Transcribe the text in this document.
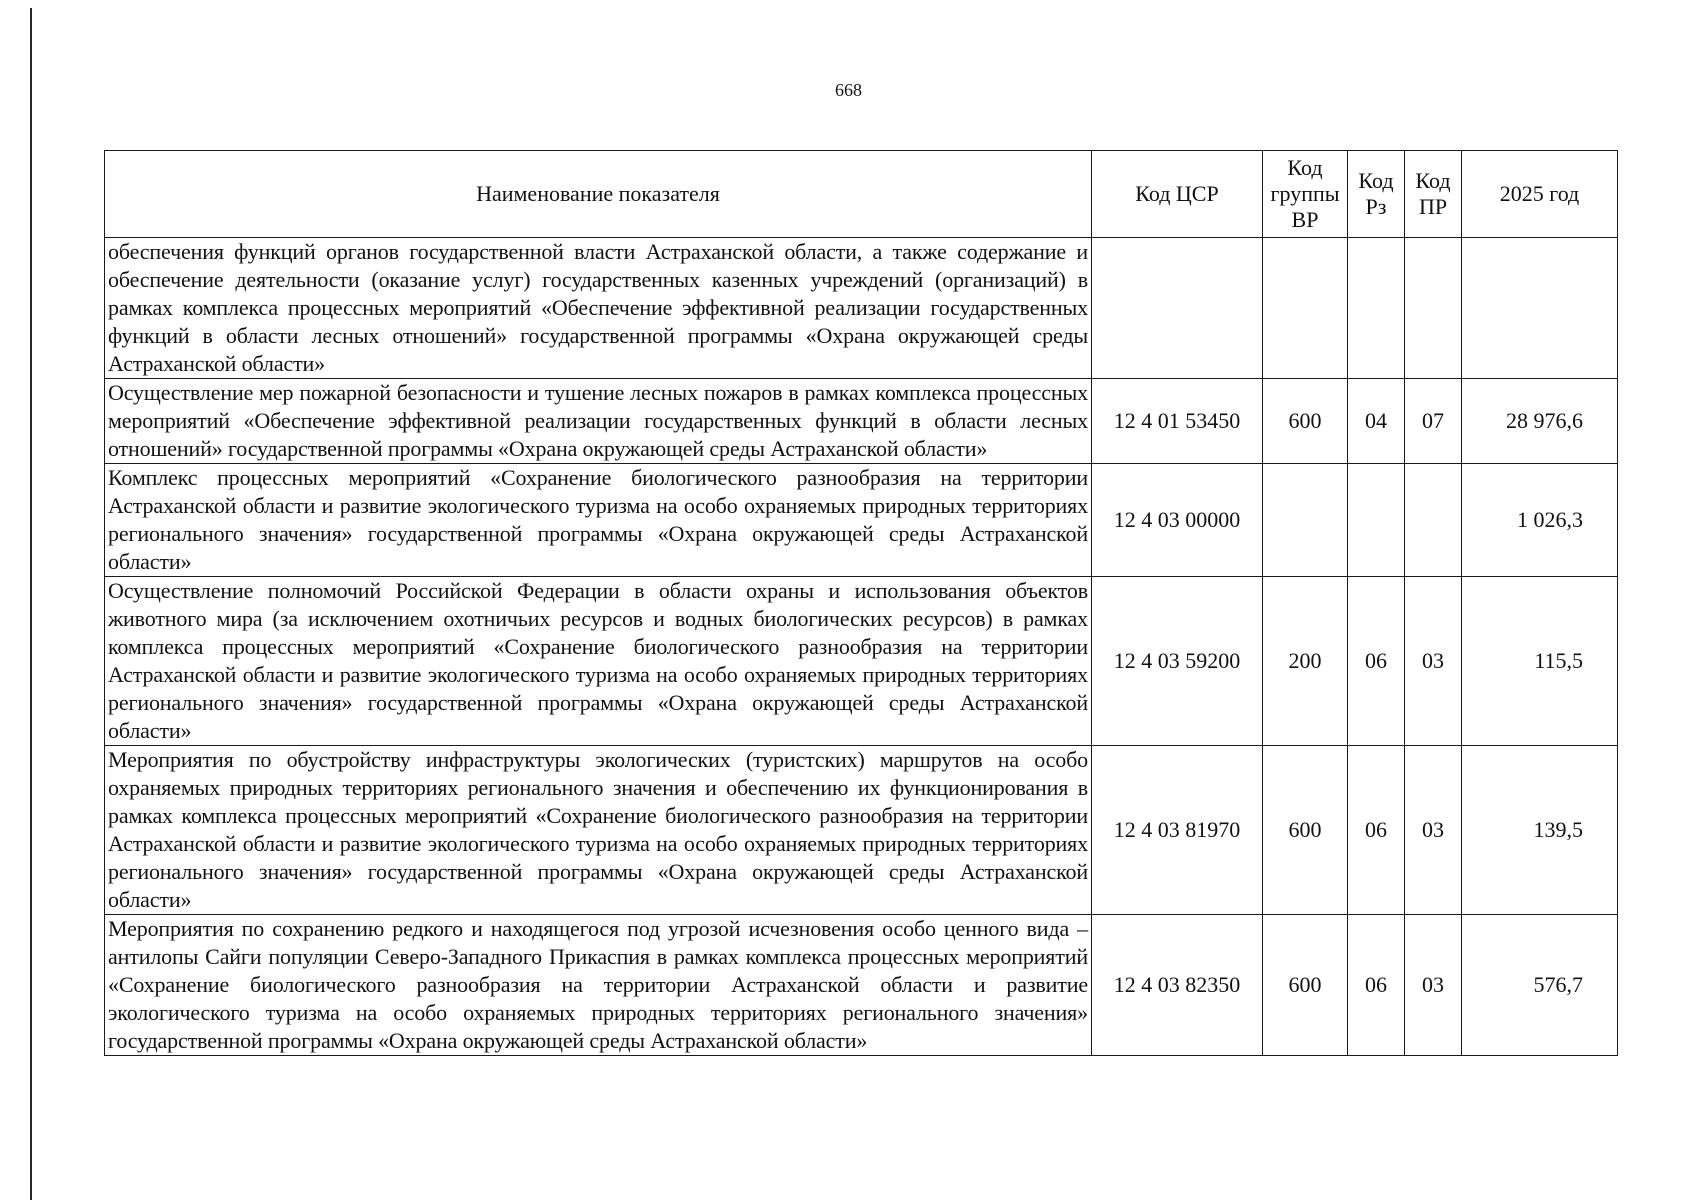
668
Наименование показателя	Код ЦСР	Код группы ВР	Код Рз	Код ПР	2025 год
обеспечения функций органов государственной власти Астраханской области, а также содержание и обеспечение деятельности (оказание услуг) государственных казенных учреждений (организаций) в рамках комплекса процессных мероприятий «Обеспечение эффективной реализации государственных функций в области лесных отношений» государственной программы «Охрана окружающей среды Астраханской области»					
Осуществление мер пожарной безопасности и тушение лесных пожаров в рамках комплекса процессных мероприятий «Обеспечение эффективной реализации государственных функций в области лесных отношений» государственной программы «Охрана окружающей среды Астраханской области»	12 4 01 53450	600	04	07	28 976,6
Комплекс процессных мероприятий «Сохранение биологического разнообразия на территории Астраханской области и развитие экологического туризма на особо охраняемых природных территориях регионального значения» государственной программы «Охрана окружающей среды Астраханской области»	12 4 03 00000				1 026,3
Осуществление полномочий Российской Федерации в области охраны и использования объектов животного мира (за исключением охотничьих ресурсов и водных биологических ресурсов) в рамках комплекса процессных мероприятий «Сохранение биологического разнообразия на территории Астраханской области и развитие экологического туризма на особо охраняемых природных территориях регионального значения» государственной программы «Охрана окружающей среды Астраханской области»	12 4 03 59200	200	06	03	115,5
Мероприятия по обустройству инфраструктуры экологических (туристских) маршрутов на особо охраняемых природных территориях регионального значения и обеспечению их функционирования в рамках комплекса процессных мероприятий «Сохранение биологического разнообразия на территории Астраханской области и развитие экологического туризма на особо охраняемых природных территориях регионального значения» государственной программы «Охрана окружающей среды Астраханской области»	12 4 03 81970	600	06	03	139,5
Мероприятия по сохранению редкого и находящегося под угрозой исчезновения особо ценного вида – антилопы Сайги популяции Северо-Западного Прикаспия в рамках комплекса процессных мероприятий «Сохранение биологического разнообразия на территории Астраханской области и развитие экологического туризма на особо охраняемых природных территориях регионального значения» государственной программы «Охрана окружающей среды Астраханской области»	12 4 03 82350	600	06	03	576,7
